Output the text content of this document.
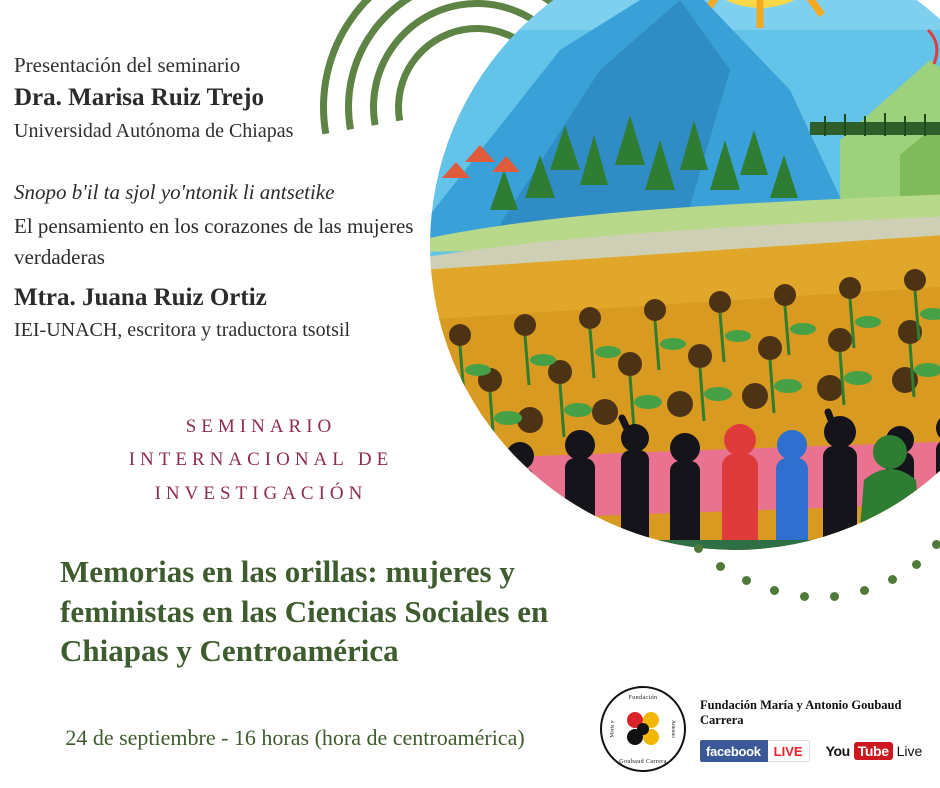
Presentación del seminario
Dra. Marisa Ruiz Trejo
Universidad Autónoma de Chiapas
Snopo b'il ta sjol yo'ntonik li antsetike
El pensamiento en los corazones de las mujeres verdaderas
Mtra. Juana Ruiz Ortiz
IEI-UNACH, escritora y traductora tsotsil
SEMINARIO
INTERNACIONAL DE
INVESTIGACIÓN
Memorias en las orillas: mujeres y feministas en las Ciencias Sociales en Chiapas y Centroamérica
24 de septiembre - 16 horas (hora de centroamérica)
Fundación
María y	Antonio
Goubaud Carrera
Fundación María y Antonio Goubaud Carrera
facebook	LIVE	You Tube Live
